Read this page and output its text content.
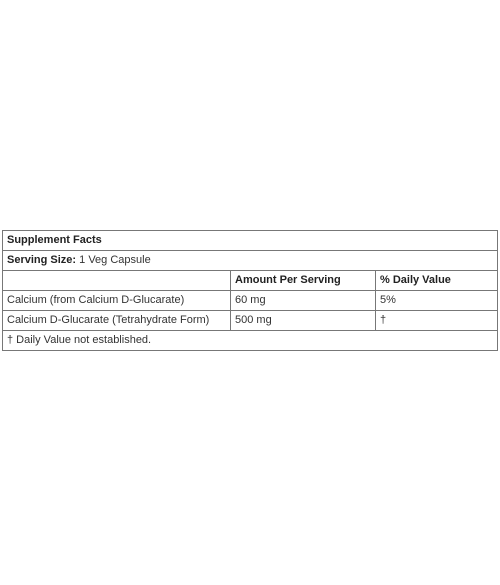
Supplement Facts		
Serving Size: 1 Veg Capsule		
	Amount Per Serving	% Daily Value
Calcium (from Calcium D-Glucarate)	60 mg	5%
Calcium D-Glucarate (Tetrahydrate Form)	500 mg	†
† Daily Value not established.		
